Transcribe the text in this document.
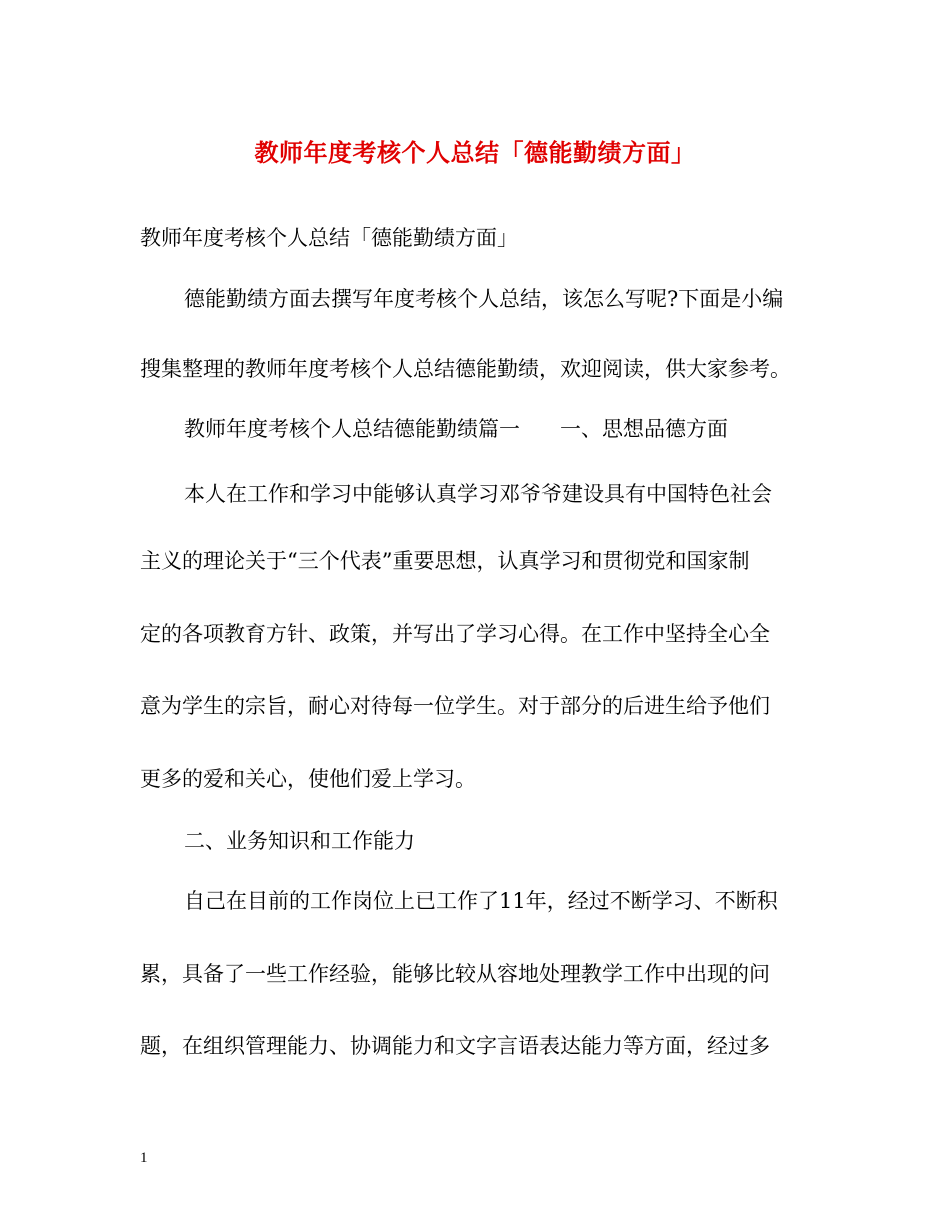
教师年度考核个人总结「德能勤绩方面」
教师年度考核个人总结「德能勤绩方面」
德能勤绩方面去撰写年度考核个人总结，该怎么写呢?下面是小编
搜集整理的教师年度考核个人总结德能勤绩，欢迎阅读，供大家参考。
教师年度考核个人总结德能勤绩篇一 一、思想品德方面
本人在工作和学习中能够认真学习邓爷爷建设具有中国特色社会
主义的理论关于“三个代表”重要思想，认真学习和贯彻党和国家制
定的各项教育方针、政策，并写出了学习心得。在工作中坚持全心全
意为学生的宗旨，耐心对待每一位学生。对于部分的后进生给予他们
更多的爱和关心，使他们爱上学习。
二、业务知识和工作能力
自己在目前的工作岗位上已工作了11年，经过不断学习、不断积
累，具备了一些工作经验，能够比较从容地处理教学工作中出现的问
题，在组织管理能力、协调能力和文字言语表达能力等方面，经过多
1
